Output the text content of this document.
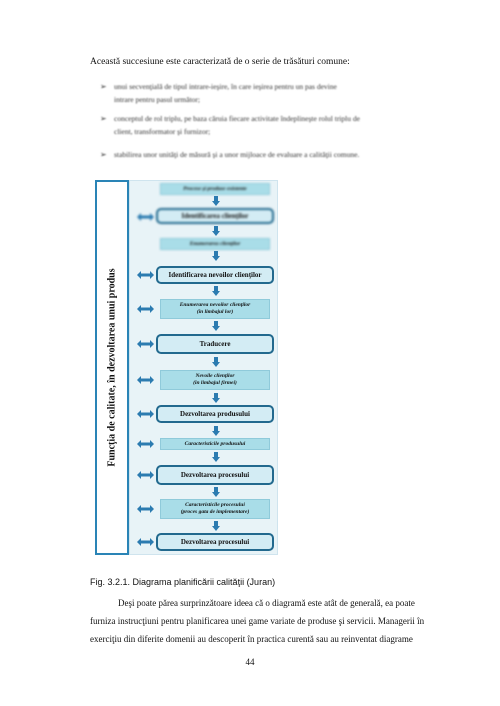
Această succesiune este caracterizată de o serie de trăsături comune:
➢ unui secvenţială de tipul intrare-ieşire, în care ieşirea pentru un pas devine
intrare pentru pasul următor;
➢ conceptul de rol triplu, pe baza căruia fiecare activitate îndeplineşte rolul triplu de
client, transformator şi furnizor;
➢ stabilirea unor unităţi de măsură şi a unor mijloace de evaluare a calităţii comune.
Funcţia de calitate, în dezvoltarea unui produs
Procese şi produse existente
Identificarea clienţilor
Enumerarea clienţilor
Identificarea nevoilor clienţilor
Enumerarea nevoilor clienţilor
(în limbajul lor)
Traducere
Nevoile clienţilor
(în limbajul firmei)
Dezvoltarea produsului
Caracteristicile produsului
Dezvoltarea procesului
Caracteristicile procesului
(proces gata de implementare)
Dezvoltarea procesului
Fig. 3.2.1. Diagrama planificării calităţii (Juran)
Deşi poate părea surprinzătoare ideea că o diagramă este atât de generală, ea poate
furniza instrucţiuni pentru planificarea unei game variate de produse şi servicii. Managerii în
exerciţiu din diferite domenii au descoperit în practica curentă sau au reinventat diagrame
44
